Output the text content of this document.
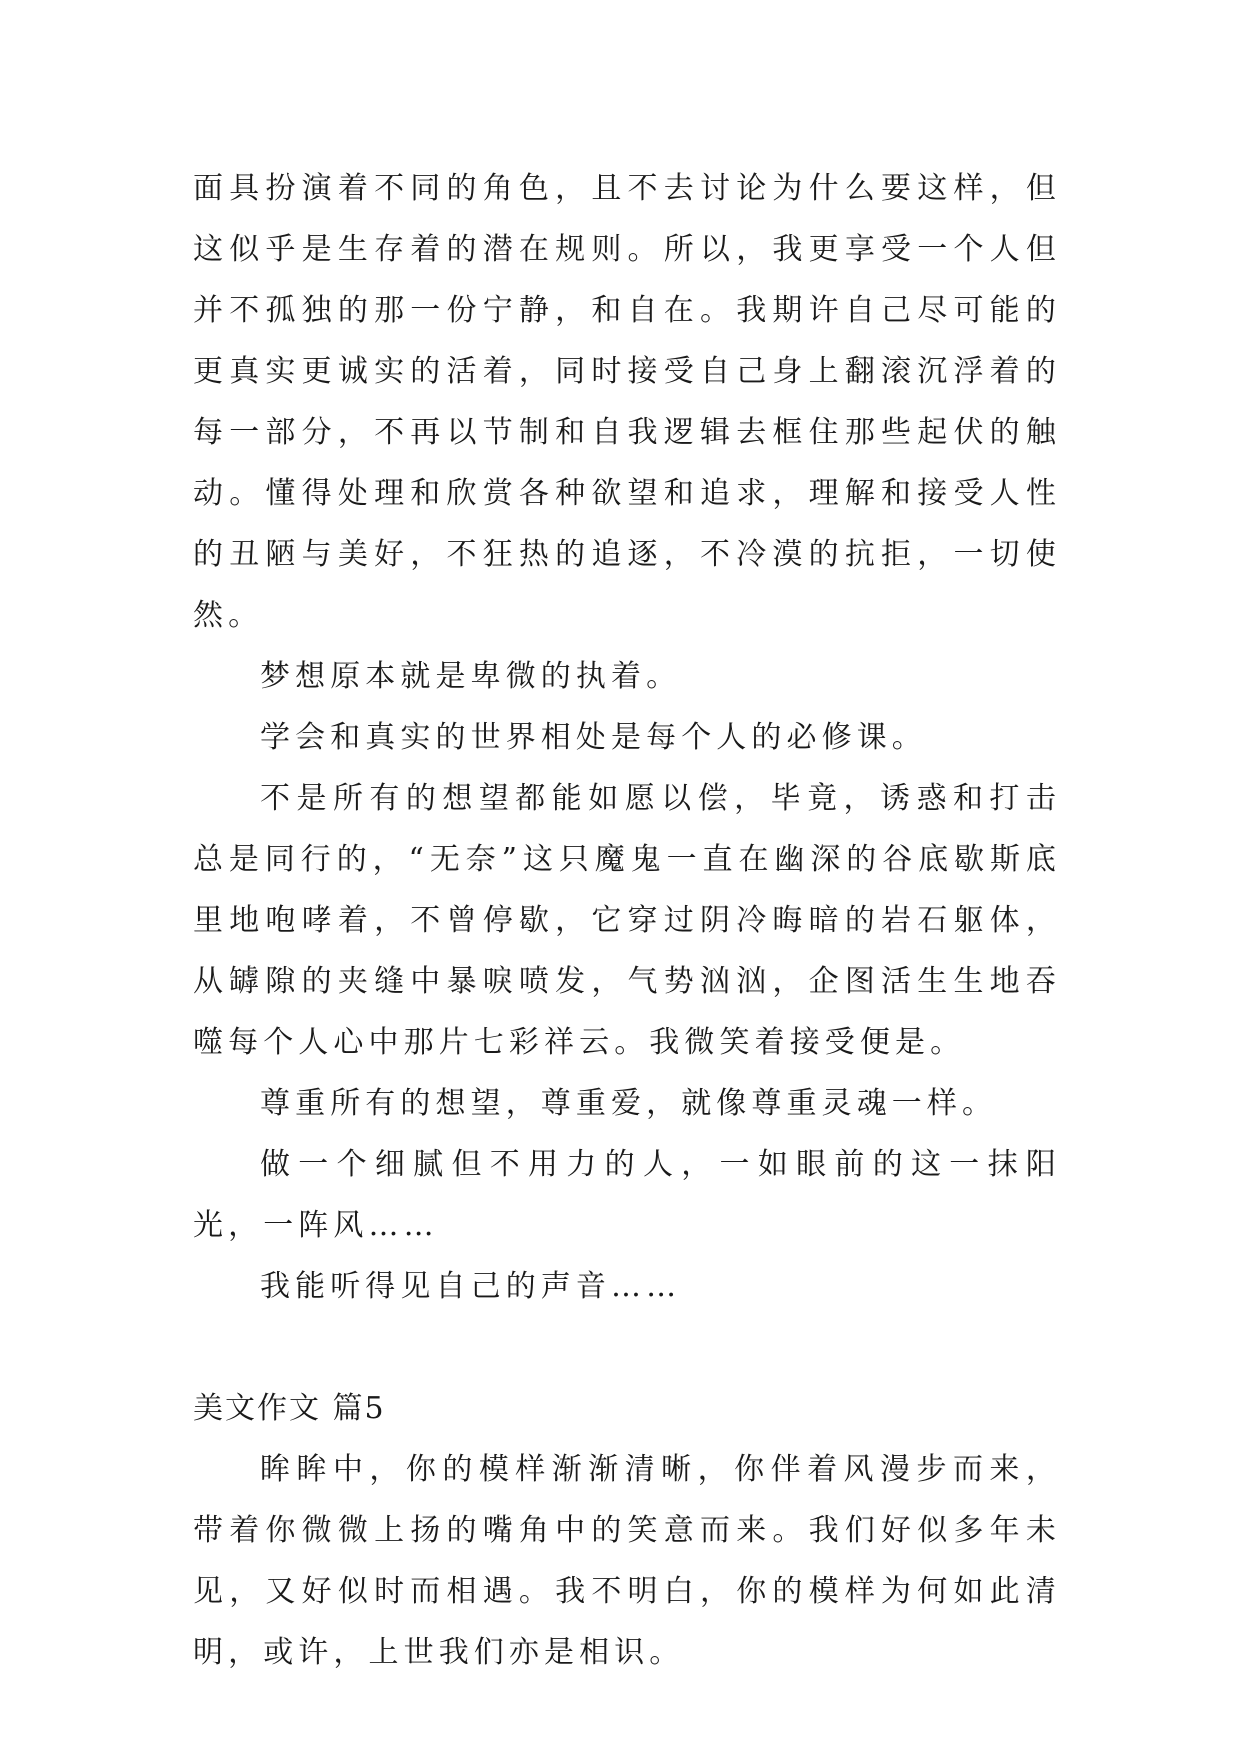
面具扮演着不同的角色，且不去讨论为什么要这样，但这似乎是生存着的潜在规则。所以，我更享受一个人但并不孤独的那一份宁静，和自在。我期许自己尽可能的更真实更诚实的活着，同时接受自己身上翻滚沉浮着的每一部分，不再以节制和自我逻辑去框住那些起伏的触动。懂得处理和欣赏各种欲望和追求，理解和接受人性的丑陋与美好，不狂热的追逐，不冷漠的抗拒，一切使然。

梦想原本就是卑微的执着。

学会和真实的世界相处是每个人的必修课。

不是所有的想望都能如愿以偿，毕竟，诱惑和打击总是同行的，“无奈”这只魔鬼一直在幽深的谷底歇斯底里地咆哮着，不曾停歇，它穿过阴冷晦暗的岩石躯体，从罅隙的夹缝中暴唳喷发，气势汹汹，企图活生生地吞噬每个人心中那片七彩祥云。我微笑着接受便是。

尊重所有的想望，尊重爱，就像尊重灵魂一样。

做一个细腻但不用力的人，一如眼前的这一抹阳光，一阵风……

我能听得见自己的声音……

美文作文 篇5

眸眸中，你的模样渐渐清晰，你伴着风漫步而来，带着你微微上扬的嘴角中的笑意而来。我们好似多年未见，又好似时而相遇。我不明白，你的模样为何如此清明，或许，上世我们亦是相识。
